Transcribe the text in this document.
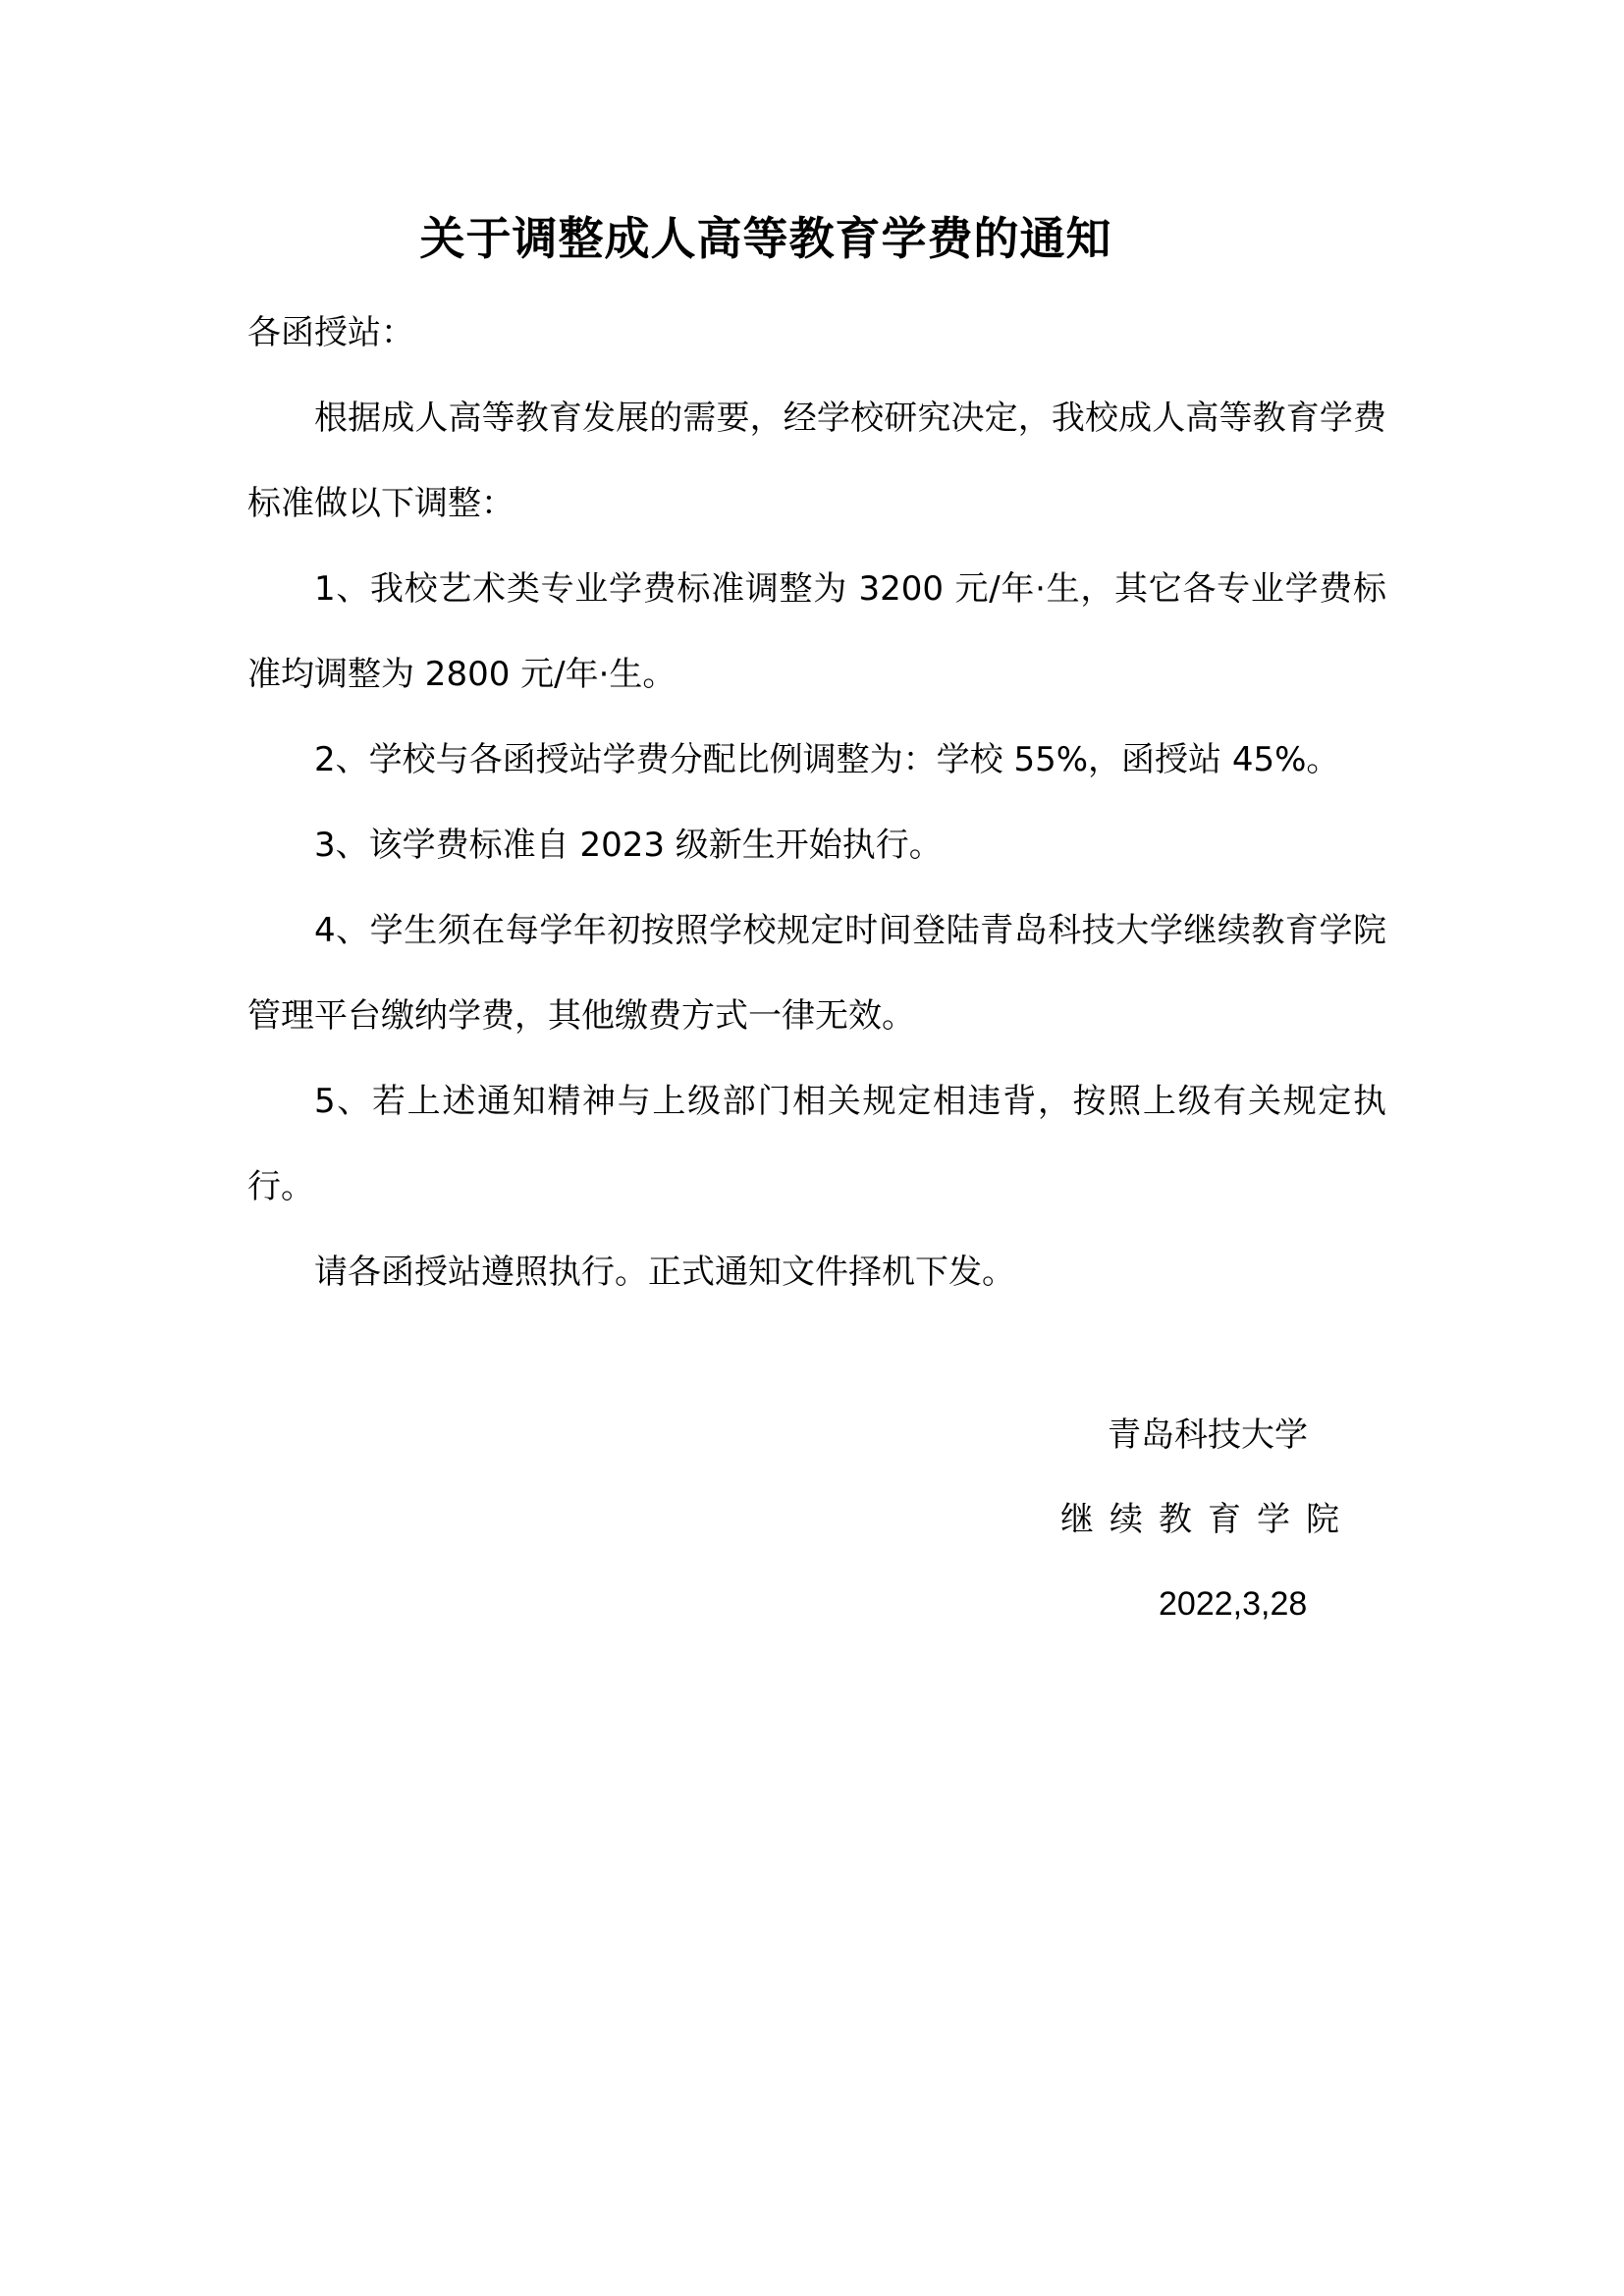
关于调整成人高等教育学费的通知

各函授站：

根据成人高等教育发展的需要，经学校研究决定，我校成人高等教育学费标准做以下调整：

1、我校艺术类专业学费标准调整为 3200 元/年·生，其它各专业学费标准均调整为 2800 元/年·生。

2、学校与各函授站学费分配比例调整为：学校 55%，函授站 45%。

3、该学费标准自 2023 级新生开始执行。

4、学生须在每学年初按照学校规定时间登陆青岛科技大学继续教育学院管理平台缴纳学费，其他缴费方式一律无效。

5、若上述通知精神与上级部门相关规定相违背，按照上级有关规定执行。

请各函授站遵照执行。正式通知文件择机下发。

青岛科技大学
继续教育学院
2022,3,28
